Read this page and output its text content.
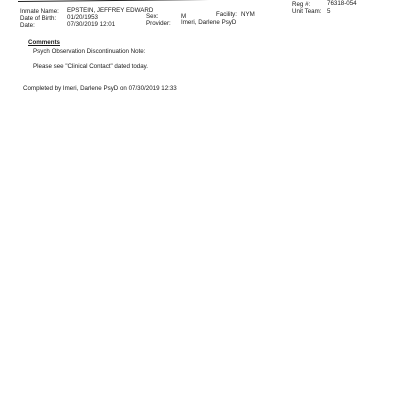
Reg #:	76318-054
Unit Team: 5
Inmate Name: EPSTEIN, JEFFREY EDWARD
Date of Birth: 01/20/1953	Sex:	M	Facility: NYM
Date:	07/30/2019 12:01	Provider: Imeri, Darlene PsyD
Comments
Psych Observation Discontinuation Note:
Please see "Clinical Contact" dated today.
Completed by Imeri, Darlene PsyD on 07/30/2019 12:33
